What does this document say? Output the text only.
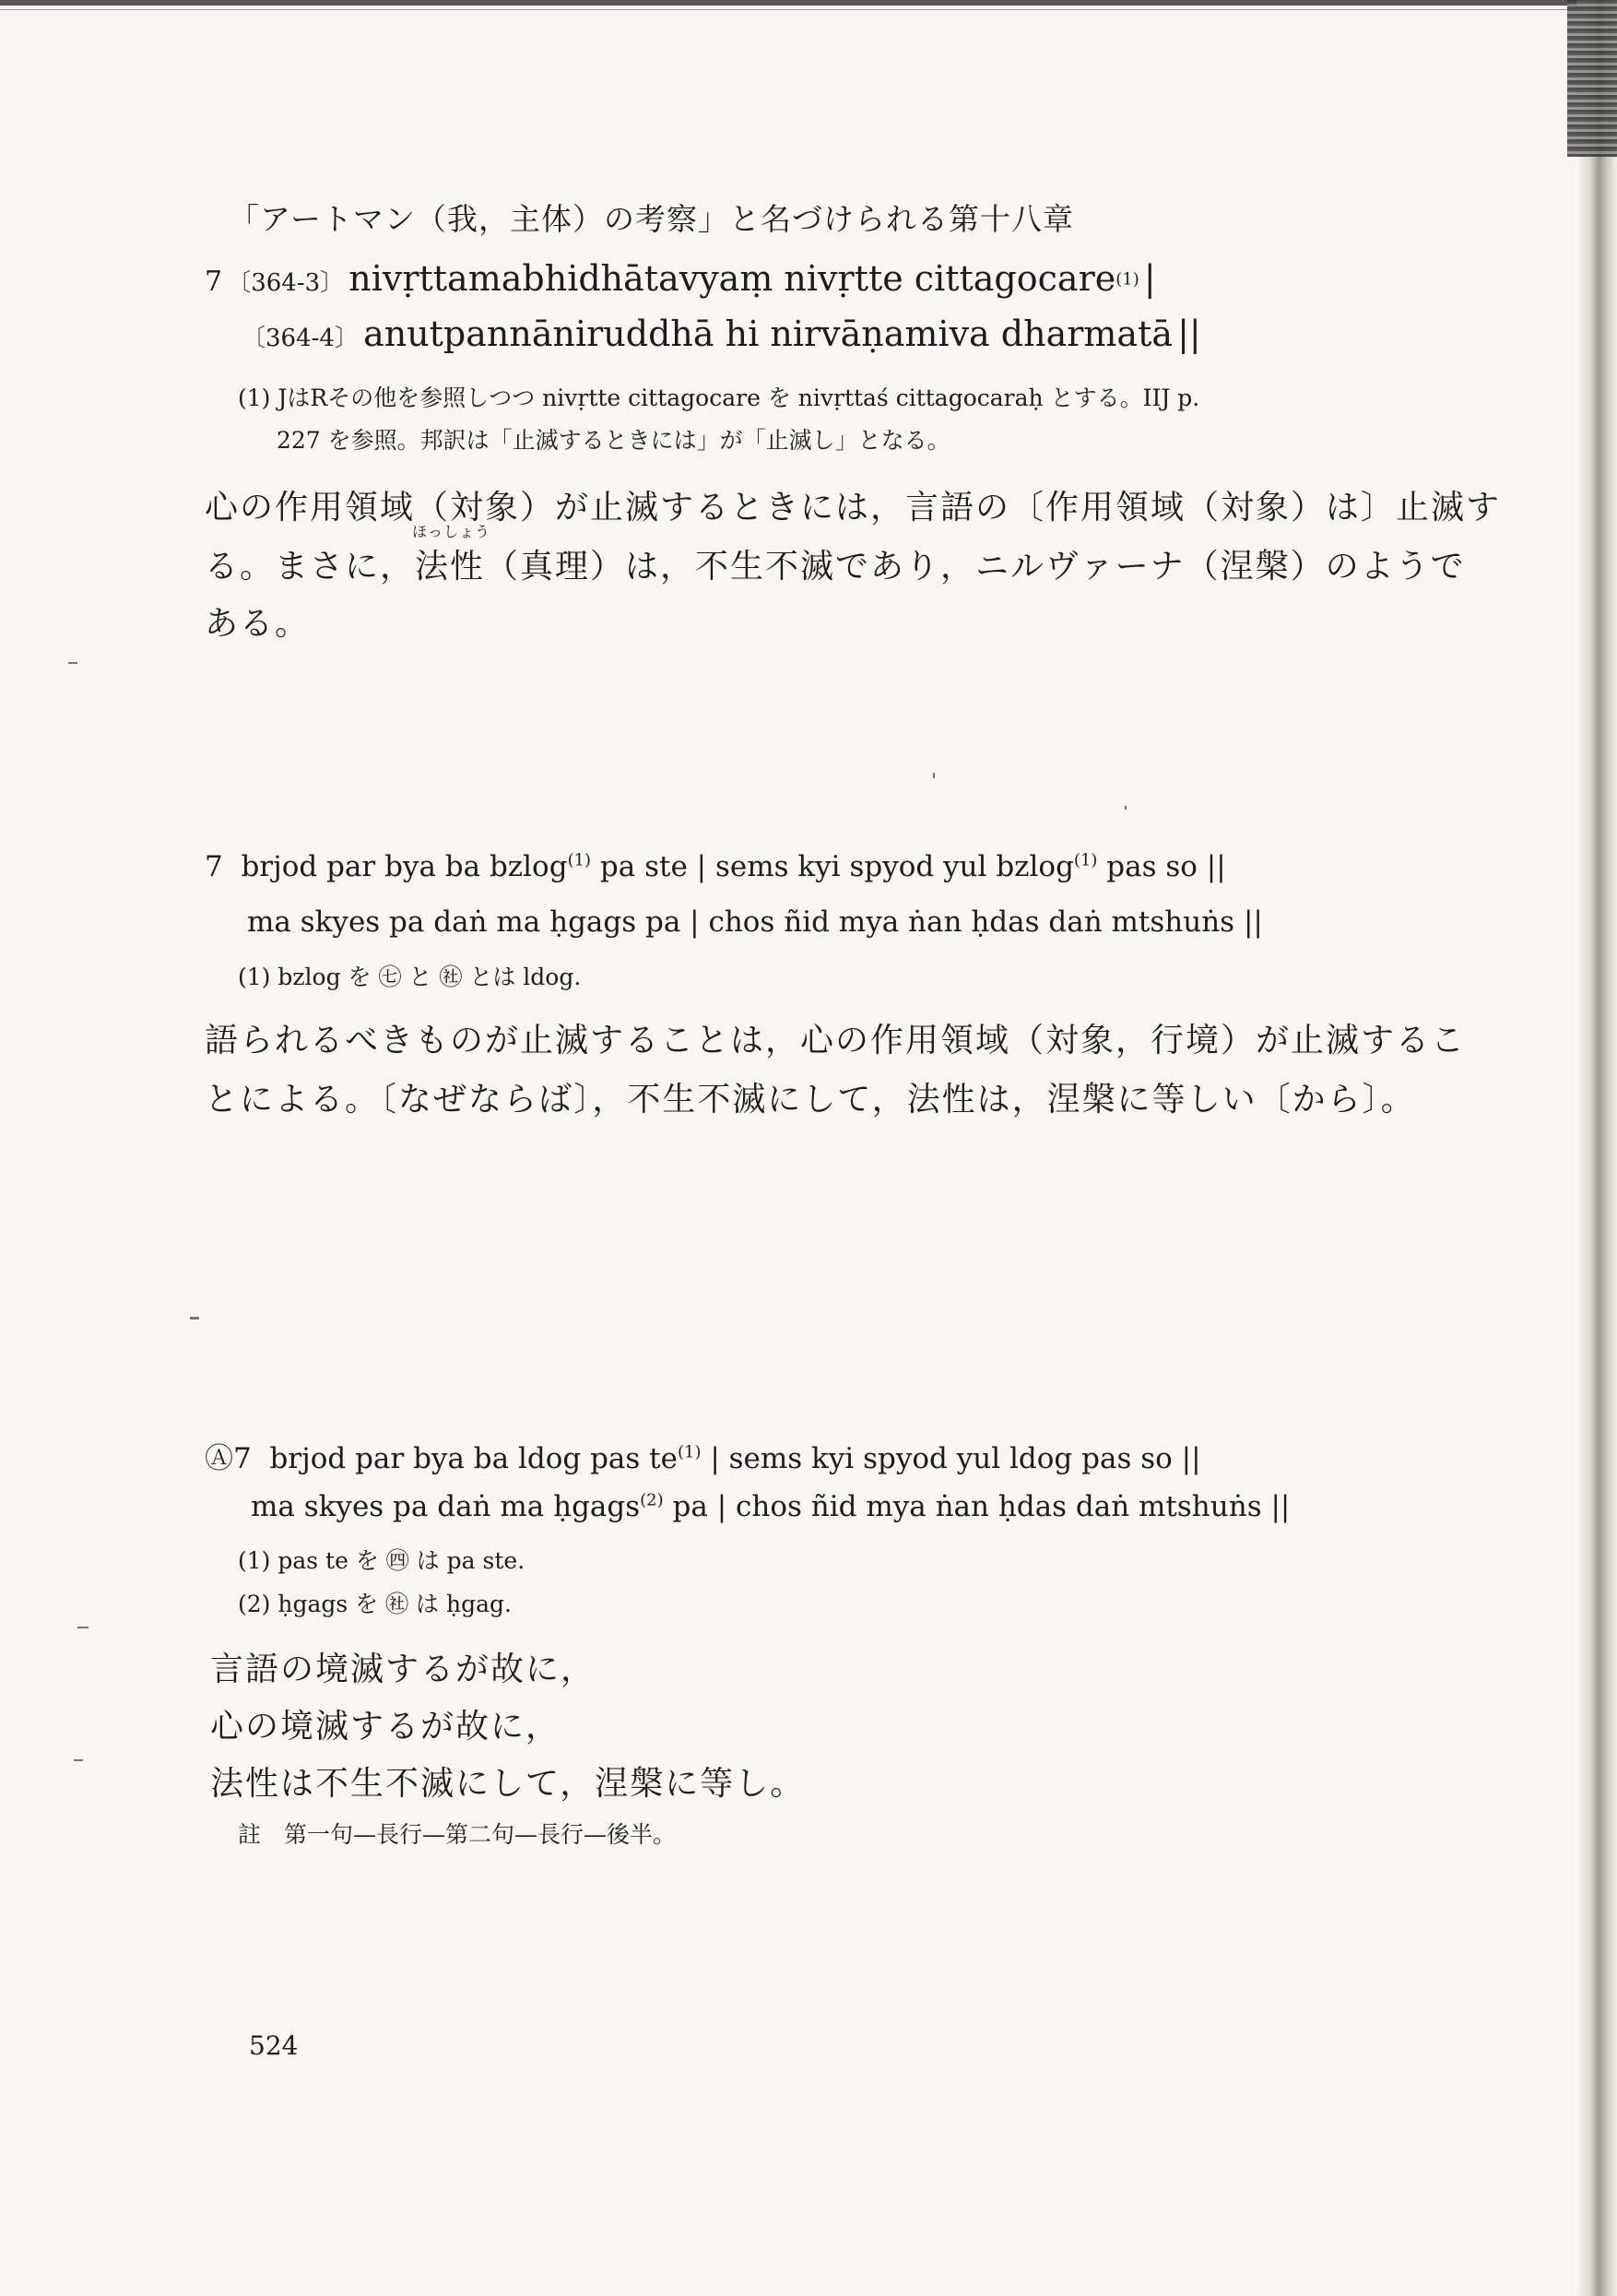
「アートマン（我，主体）の考察」と名づけられる第十八章
7 〔364-3〕 nivṛttamabhidhātavyaṃ nivṛtte cittagocare(1) |
〔364-4〕 anutpannāniruddhā hi nirvāṇamiva dharmatā ||
(1) JはRその他を参照しつつ nivṛtte cittagocare を nivṛttaś cittagocaraḥ とする。IIJ p.
227 を参照。邦訳は「止滅するときには」が「止滅し」となる。
ほっしょう
心の作用領域（対象）が止滅するときには，言語の〔作用領域（対象）は〕止滅す
る。まさに，法性（真理）は，不生不滅であり，ニルヴァーナ（涅槃）のようで
ある。
7 brjod par bya ba bzlog$^{(1)}$ pa ste | sems kyi spyod yul bzlog$^{(1)}$ pas so ||
ma skyes pa daṅ ma ḥgags pa | chos ñid mya ṅan ḥdas daṅ mtshuṅs ||
(1) bzlog を ㊆ と ㊓ とは ldog.
語られるべきものが止滅することは，心の作用領域（対象，行境）が止滅するこ
とによる。〔なぜならば〕，不生不滅にして，法性は，涅槃に等しい〔から〕。
Ⓐ7 brjod par bya ba ldog pas $te^{(1)}$ | sems kyi spyod yul ldog pas so ||
ma skyes pa daṅ ma ḥgags$^{(2)}$ pa | chos ñid mya ṅan ḥdas daṅ mtshuṅs ||
(1) pas te を ㊃ は pa ste.
(2) ḥgags を ㊓ は ḥgag.
言語の境滅するが故に，
心の境滅するが故に，
法性は不生不滅にして，涅槃に等し。
註　第一句—長行—第二句—長行—後半。
524
